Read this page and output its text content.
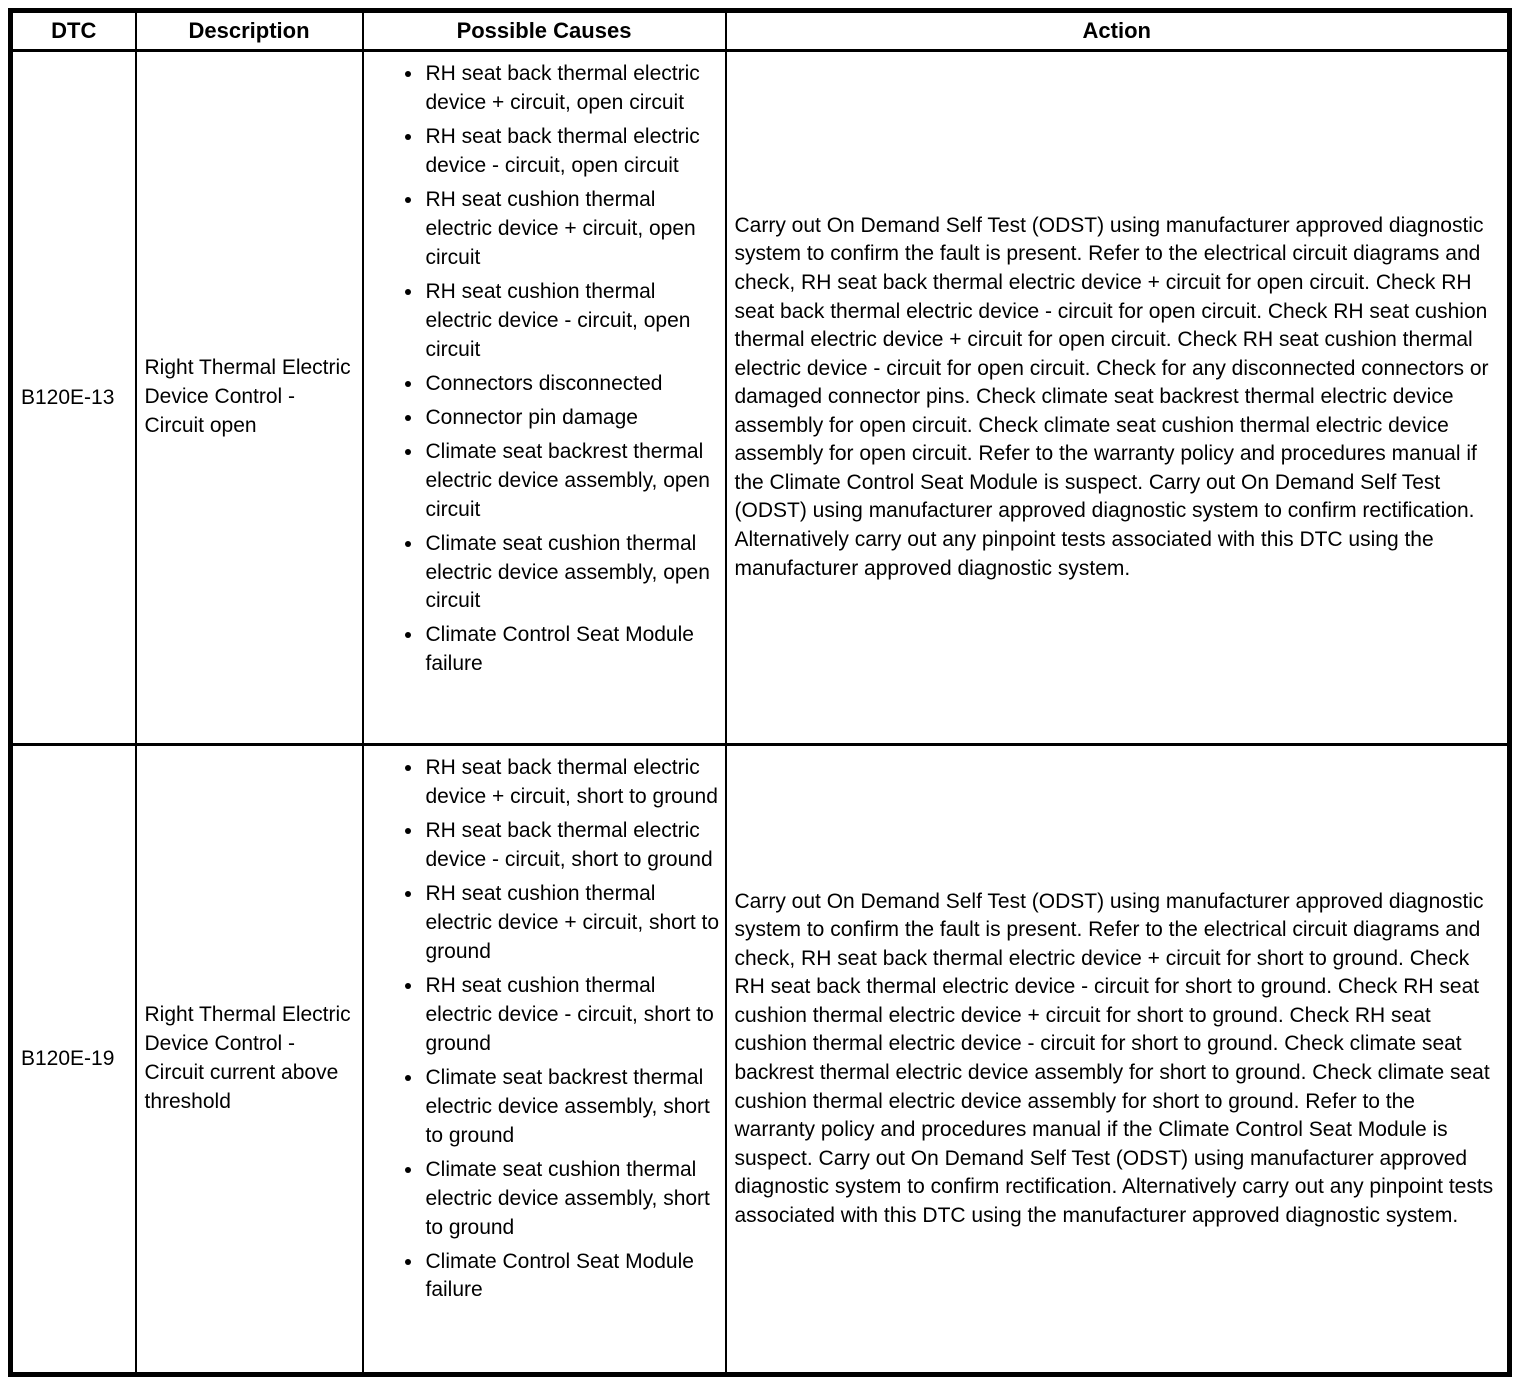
DTC	Description	Possible Causes	Action
B120E-13	Right Thermal Electric Device Control - Circuit open	
• RH seat back thermal electric device + circuit, open circuit
• RH seat back thermal electric device - circuit, open circuit
• RH seat cushion thermal electric device + circuit, open circuit
• RH seat cushion thermal electric device - circuit, open circuit
• Connectors disconnected
• Connector pin damage
• Climate seat backrest thermal electric device assembly, open circuit
• Climate seat cushion thermal electric device assembly, open circuit
• Climate Control Seat Module failure
	Carry out On Demand Self Test (ODST) using manufacturer approved diagnostic system to confirm the fault is present. Refer to the electrical circuit diagrams and check, RH seat back thermal electric device + circuit for open circuit. Check RH seat back thermal electric device - circuit for open circuit. Check RH seat cushion thermal electric device + circuit for open circuit. Check RH seat cushion thermal electric device - circuit for open circuit. Check for any disconnected connectors or damaged connector pins. Check climate seat backrest thermal electric device assembly for open circuit. Check climate seat cushion thermal electric device assembly for open circuit. Refer to the warranty policy and procedures manual if the Climate Control Seat Module is suspect. Carry out On Demand Self Test (ODST) using manufacturer approved diagnostic system to confirm rectification. Alternatively carry out any pinpoint tests associated with this DTC using the manufacturer approved diagnostic system.
B120E-19	Right Thermal Electric Device Control - Circuit current above threshold	
• RH seat back thermal electric device + circuit, short to ground
• RH seat back thermal electric device - circuit, short to ground
• RH seat cushion thermal electric device + circuit, short to ground
• RH seat cushion thermal electric device - circuit, short to ground
• Climate seat backrest thermal electric device assembly, short to ground
• Climate seat cushion thermal electric device assembly, short to ground
• Climate Control Seat Module failure
	Carry out On Demand Self Test (ODST) using manufacturer approved diagnostic system to confirm the fault is present. Refer to the electrical circuit diagrams and check, RH seat back thermal electric device + circuit for short to ground. Check RH seat back thermal electric device - circuit for short to ground. Check RH seat cushion thermal electric device + circuit for short to ground. Check RH seat cushion thermal electric device - circuit for short to ground. Check climate seat backrest thermal electric device assembly for short to ground. Check climate seat cushion thermal electric device assembly for short to ground. Refer to the warranty policy and procedures manual if the Climate Control Seat Module is suspect. Carry out On Demand Self Test (ODST) using manufacturer approved diagnostic system to confirm rectification. Alternatively carry out any pinpoint tests associated with this DTC using the manufacturer approved diagnostic system.
